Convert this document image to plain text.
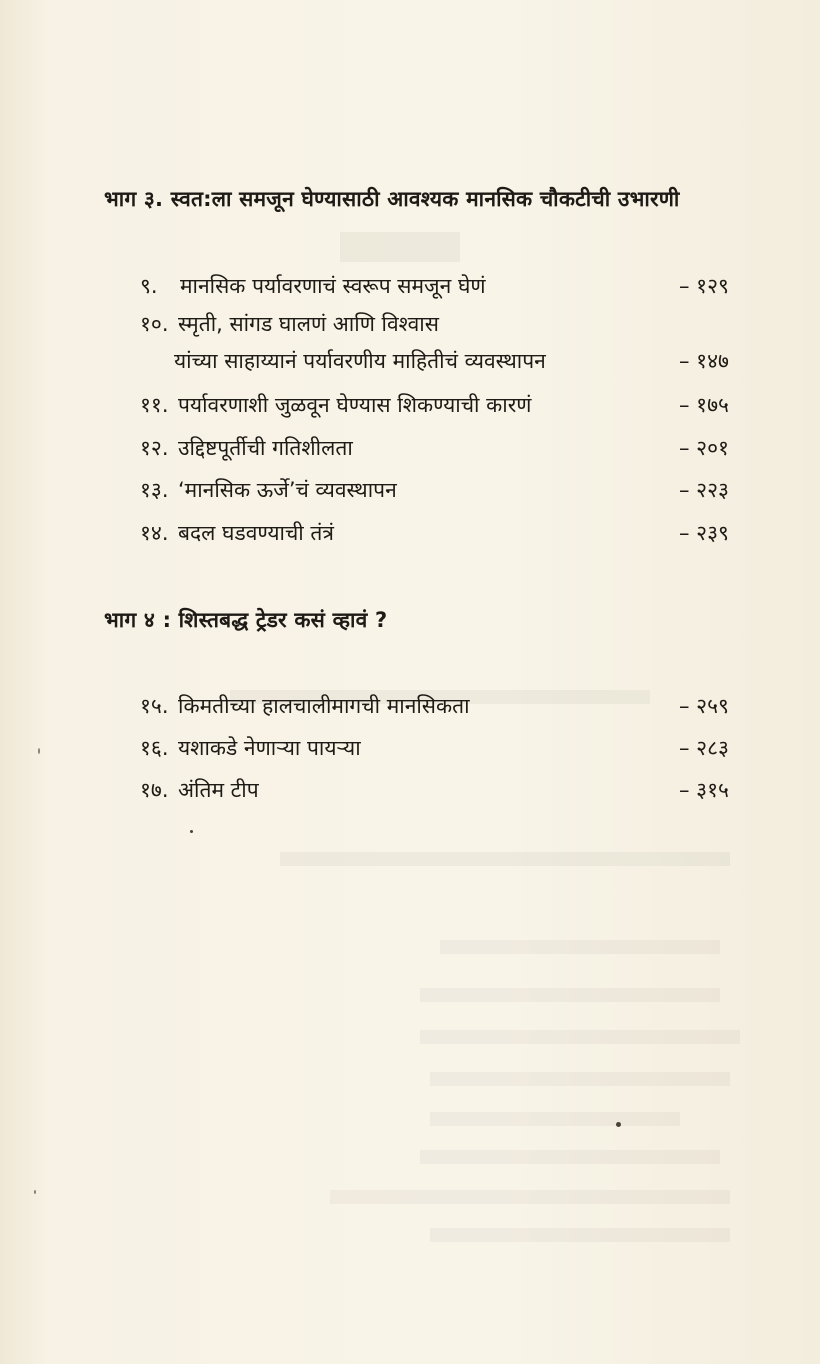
भाग ३. स्वत:ला समजून घेण्यासाठी आवश्यक मानसिक चौकटीची उभारणी
९. मानसिक पर्यावरणाचं स्वरूप समजून घेणं	– १२९
१०. स्मृती, सांगड घालणं आणि विश्वास
यांच्या साहाय्यानं पर्यावरणीय माहितीचं व्यवस्थापन	– १४७
११. पर्यावरणाशी जुळवून घेण्यास शिकण्याची कारणं	– १७५
१२. उद्दिष्टपूर्तीची गतिशीलता	– २०१
१३. ‘मानसिक ऊर्जे’चं व्यवस्थापन	– २२३
१४. बदल घडवण्याची तंत्रं	– २३९
भाग ४ : शिस्तबद्ध ट्रेडर कसं व्हावं ?
१५. किमतीच्या हालचालीमागची मानसिकता	– २५९
१६. यशाकडे नेणाऱ्या पायऱ्या	– २८३
१७. अंतिम टीप	– ३१५
